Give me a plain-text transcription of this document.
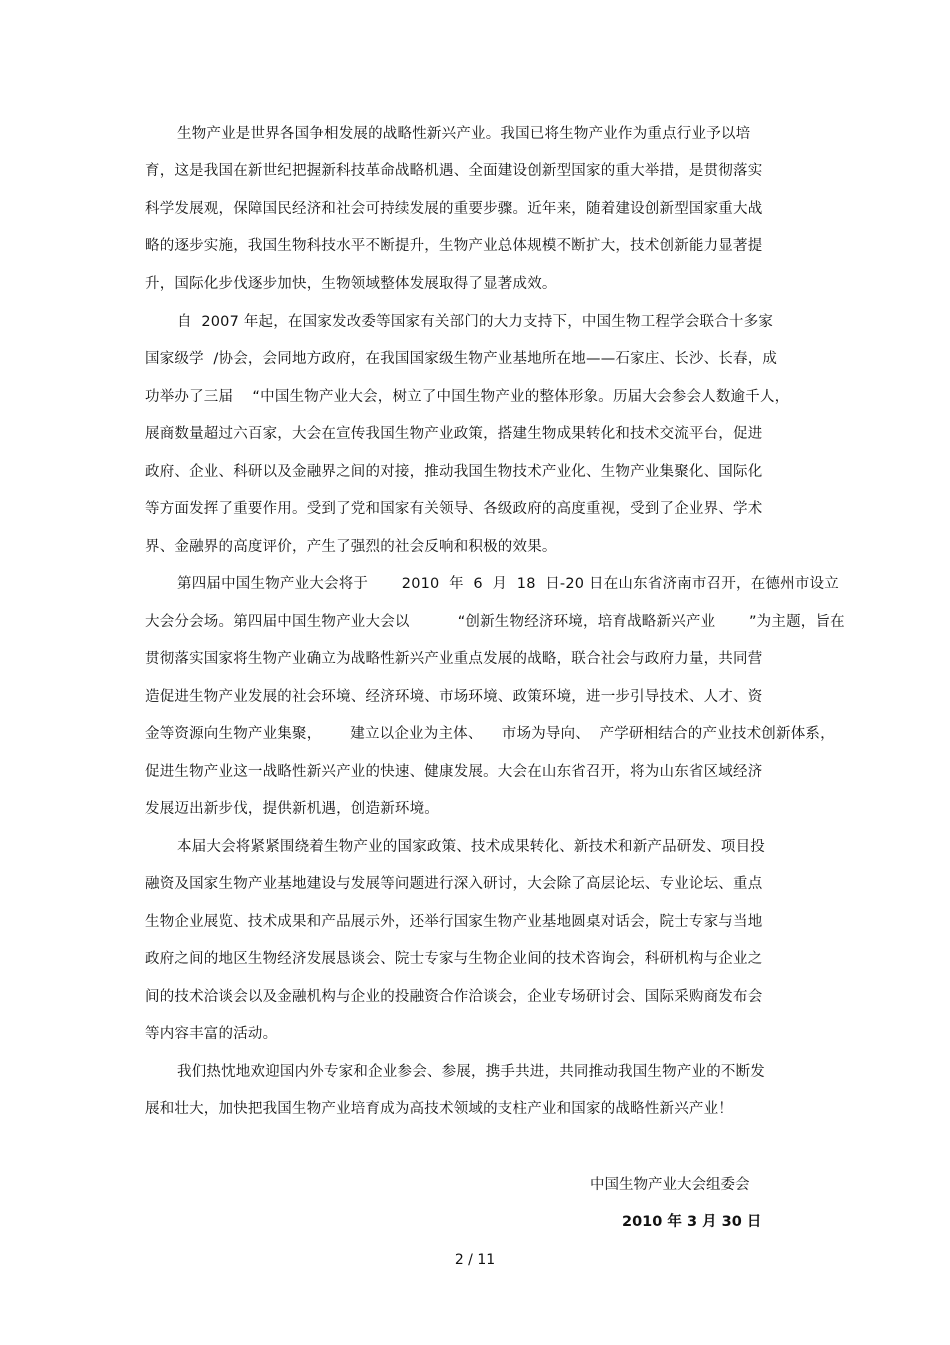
生物产业是世界各国争相发展的战略性新兴产业。我国已将生物产业作为重点行业予以培
育，这是我国在新世纪把握新科技革命战略机遇、全面建设创新型国家的重大举措，是贯彻落实
科学发展观，保障国民经济和社会可持续发展的重要步骤。近年来，随着建设创新型国家重大战
略的逐步实施，我国生物科技水平不断提升，生物产业总体规模不断扩大，技术创新能力显著提
升，国际化步伐逐步加快，生物领域整体发展取得了显著成效。
自  2007 年起，在国家发改委等国家有关部门的大力支持下，中国生物工程学会联合十多家
国家级学  /协会，会同地方政府，在我国国家级生物产业基地所在地——石家庄、长沙、长春，成
功举办了三届    “中国生物产业大会，树立了中国生物产业的整体形象。历届大会参会人数逾千人，
展商数量超过六百家，大会在宣传我国生物产业政策，搭建生物成果转化和技术交流平台，促进
政府、企业、科研以及金融界之间的对接，推动我国生物技术产业化、生物产业集聚化、国际化
等方面发挥了重要作用。受到了党和国家有关领导、各级政府的高度重视，受到了企业界、学术
界、金融界的高度评价，产生了强烈的社会反响和积极的效果。
第四届中国生物产业大会将于       2010  年  6  月  18  日-20 日在山东省济南市召开，在德州市设立
大会分会场。第四届中国生物产业大会以          “创新生物经济环境，培育战略新兴产业       ”为主题，旨在
贯彻落实国家将生物产业确立为战略性新兴产业重点发展的战略，联合社会与政府力量，共同营
造促进生物产业发展的社会环境、经济环境、市场环境、政策环境，进一步引导技术、人才、资
金等资源向生物产业集聚，      建立以企业为主体、    市场为导向、  产学研相结合的产业技术创新体系，
促进生物产业这一战略性新兴产业的快速、健康发展。大会在山东省召开，将为山东省区域经济
发展迈出新步伐，提供新机遇，创造新环境。
本届大会将紧紧围绕着生物产业的国家政策、技术成果转化、新技术和新产品研发、项目投
融资及国家生物产业基地建设与发展等问题进行深入研讨，大会除了高层论坛、专业论坛、重点
生物企业展览、技术成果和产品展示外，还举行国家生物产业基地圆桌对话会，院士专家与当地
政府之间的地区生物经济发展恳谈会、院士专家与生物企业间的技术咨询会，科研机构与企业之
间的技术洽谈会以及金融机构与企业的投融资合作洽谈会，企业专场研讨会、国际采购商发布会
等内容丰富的活动。
我们热忱地欢迎国内外专家和企业参会、参展，携手共进，共同推动我国生物产业的不断发
展和壮大，加快把我国生物产业培育成为高技术领域的支柱产业和国家的战略性新兴产业！
中国生物产业大会组委会
2010 年 3 月 30 日
2 / 11
